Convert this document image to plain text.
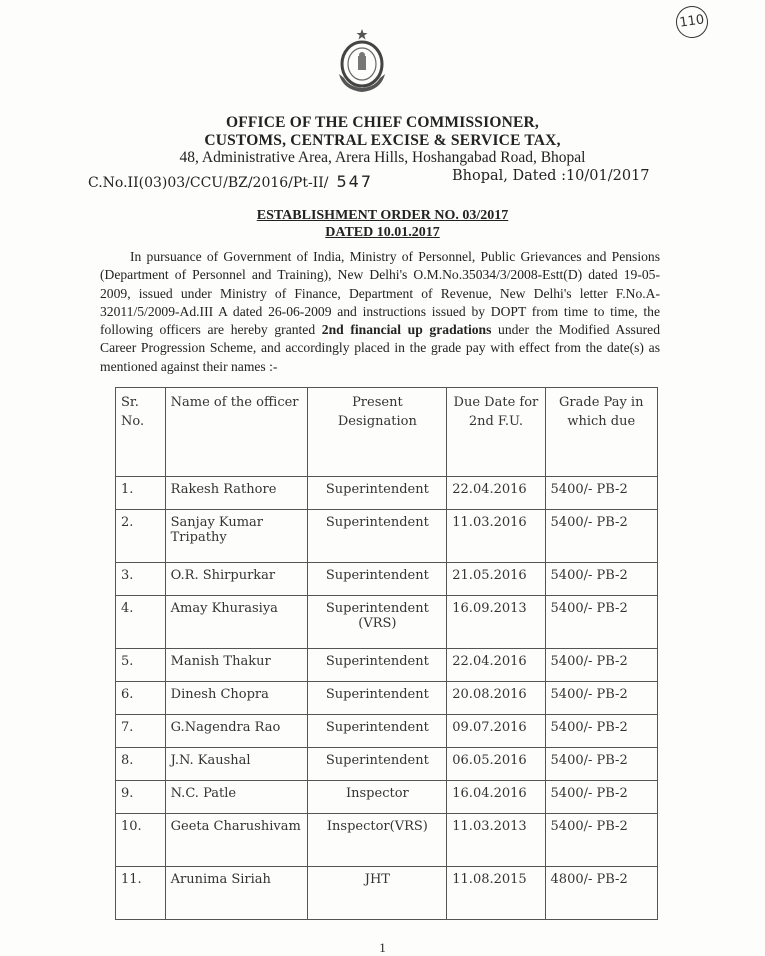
110
OFFICE OF THE CHIEF COMMISSIONER,
CUSTOMS, CENTRAL EXCISE & SERVICE TAX,
48, Administrative Area, Arera Hills, Hoshangabad Road, Bhopal
C.No.II(03)03/CCU/BZ/2016/Pt-II/ 547	Bhopal, Dated :10/01/2017
ESTABLISHMENT ORDER NO. 03/2017
DATED 10.01.2017
In pursuance of Government of India, Ministry of Personnel, Public Grievances and Pensions (Department of Personnel and Training), New Delhi's O.M.No.35034/3/2008-Estt(D) dated 19-05-2009, issued under Ministry of Finance, Department of Revenue, New Delhi's letter F.No.A-32011/5/2009-Ad.III A dated 26-06-2009 and instructions issued by DOPT from time to time, the following officers are hereby granted 2nd financial up gradations under the Modified Assured Career Progression Scheme, and accordingly placed in the grade pay with effect from the date(s) as mentioned against their names :-
Sr. No.	Name of the officer	Present Designation	Due Date for 2nd F.U.	Grade Pay in which due
1.	Rakesh Rathore	Superintendent	22.04.2016	5400/- PB-2
2.	Sanjay Kumar Tripathy	Superintendent	11.03.2016	5400/- PB-2
3.	O.R. Shirpurkar	Superintendent	21.05.2016	5400/- PB-2
4.	Amay Khurasiya	Superintendent (VRS)	16.09.2013	5400/- PB-2
5.	Manish Thakur	Superintendent	22.04.2016	5400/- PB-2
6.	Dinesh Chopra	Superintendent	20.08.2016	5400/- PB-2
7.	G.Nagendra Rao	Superintendent	09.07.2016	5400/- PB-2
8.	J.N. Kaushal	Superintendent	06.05.2016	5400/- PB-2
9.	N.C. Patle	Inspector	16.04.2016	5400/- PB-2
10.	Geeta Charushivam	Inspector(VRS)	11.03.2013	5400/- PB-2
11.	Arunima Siriah	JHT	11.08.2015	4800/- PB-2
1
